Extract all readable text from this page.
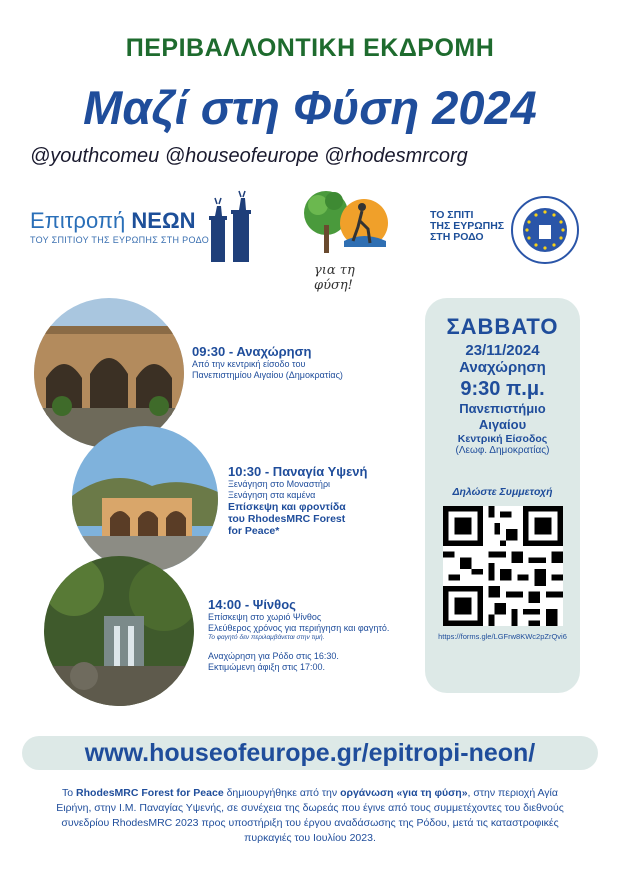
ΠΕΡΙΒΑΛΛΟΝΤΙΚΗ ΕΚΔΡΟΜΗ
Μαζί στη Φύση 2024
@youthcomeu @houseofeurope @rhodesmrcorg
Επιτροπή ΝΕΩΝ
ΤΟΥ ΣΠΙΤΙΟΥ ΤΗΣ ΕΥΡΩΠΗΣ ΣΤΗ ΡΟΔΟ
για τη φύση!
ΤΟ ΣΠΙΤΙ
ΤΗΣ ΕΥΡΩΠΗΣ
ΣΤΗ ΡΟΔΟ
09:30 - Αναχώρηση
Από την κεντρική είσοδο του
Πανεπιστημίου Αιγαίου (Δημοκρατίας)
10:30 - Παναγία Υψενή
Ξενάγηση στο Μοναστήρι
Ξενάγηση στα καμένα
Επίσκεψη και φροντίδα
του RhodesMRC Forest
for Peace*
14:00 - Ψίνθος
Επίσκεψη στο χωριό Ψίνθος
Ελεύθερος χρόνος για περιήγηση και φαγητό.
Το φαγητό δεν περιλαμβάνεται στην τιμή.
Αναχώρηση για Ρόδο στις 16:30.
Εκτιμώμενη άφιξη στις 17:00.
ΣΑΒΒΑΤΟ
23/11/2024
Αναχώρηση
9:30 π.μ.
Πανεπιστήμιο
Αιγαίου
Κεντρική Είσοδος
(Λεωφ. Δημοκρατίας)
Δηλώστε Συμμετοχή
https://forms.gle/LGFrw8KWc2pZrQvi6
www.houseofeurope.gr/epitropi-neon/
Το RhodesMRC Forest for Peace δημιουργήθηκε από την οργάνωση «για τη φύση», στην περιοχή Αγία Ειρήνη, στην Ι.Μ. Παναγίας Υψενής, σε συνέχεια της δωρεάς που έγινε από τους συμμετέχοντες του διεθνούς συνεδρίου RhodesMRC 2023 προς υποστήριξη του έργου αναδάσωσης της Ρόδου, μετά τις καταστροφικές πυρκαγιές του Ιουλίου 2023.
